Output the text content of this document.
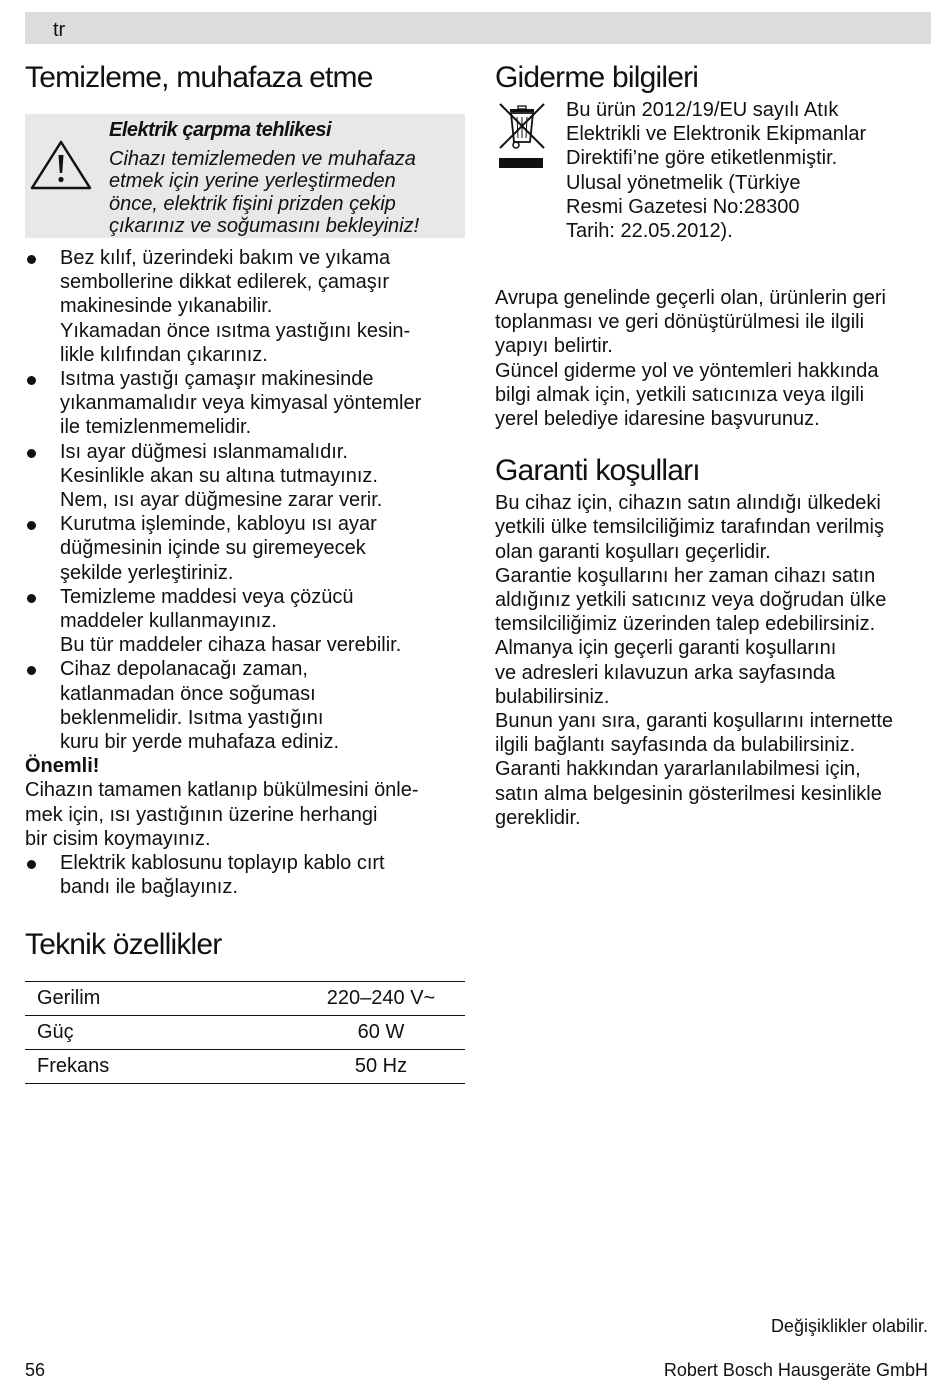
tr
Temizleme, muhafaza etme
Elektrik çarpma tehlikesi
Cihazı temizlemeden ve muhafaza
etmek için yerine yerleştirmeden
önce, elektrik fişini prizden çekip
çıkarınız ve soğumasını bekleyiniz!
Bez kılıf, üzerindeki bakım ve yıkama
sembollerine dikkat edilerek, çamaşır
makinesinde yıkanabilir.
Yıkamadan önce ısıtma yastığını kesin-
likle kılıfından çıkarınız.
Isıtma yastığı çamaşır makinesinde
yıkanmamalıdır veya kimyasal yöntemler
ile temizlenmemelidir.
Isı ayar düğmesi ıslanmamalıdır.
Kesinlikle akan su altına tutmayınız.
Nem, ısı ayar düğmesine zarar verir.
Kurutma işleminde, kabloyu ısı ayar
düğmesinin içinde su giremeyecek
şekilde yerleştiriniz.
Temizleme maddesi veya çözücü
maddeler kullanmayınız.
Bu tür maddeler cihaza hasar verebilir.
Cihaz depolanacağı zaman,
katlanmadan önce soğuması
beklenmelidir. Isıtma yastığını
kuru bir yerde muhafaza ediniz.

Önemli!

Cihazın tamamen katlanıp bükülmesini önle-
mek için, ısı yastığının üzerine herhangi
bir cisim koymayınız.

Elektrik kablosunu toplayıp kablo cırt
bandı ile bağlayınız.
Teknik özellikler
Gerilim	220–240 V~
Güç	60 W
Frekans	50 Hz
Giderme bilgileri

Bu ürün 2012/19/EU sayılı Atık
Elektrikli ve Elektronik Ekipmanlar
Direktifi’ne göre etiketlenmiştir.
Ulusal yönetmelik (Türkiye
Resmi Gazetesi No:28300
Tarih: 22.05.2012).

Avrupa genelinde geçerli olan, ürünlerin geri
toplanması ve geri dönüştürülmesi ile ilgili
yapıyı belirtir.

Güncel giderme yol ve yöntemleri hakkında
bilgi almak için, yetkili satıcınıza veya ilgili
yerel belediye idaresine başvurunuz.

Garanti koşulları

Bu cihaz için, cihazın satın alındığı ülkedeki
yetkili ülke temsilciliğimiz tarafından verilmiş
olan garanti koşulları geçerlidir.
Garantie koşullarını her zaman cihazı satın
aldığınız yetkili satıcınız veya doğrudan ülke
temsilciliğimiz üzerinden talep edebilirsiniz.
Almanya için geçerli garanti koşullarını
ve adresleri kılavuzun arka sayfasında
bulabilirsiniz.

Bunun yanı sıra, garanti koşullarını internette
ilgili bağlantı sayfasında da bulabilirsiniz.
Garanti hakkından yararlanılabilmesi için,
satın alma belgesinin gösterilmesi kesinlikle
gereklidir.

Değişiklikler olabilir.
56	Robert Bosch Hausgeräte GmbH
